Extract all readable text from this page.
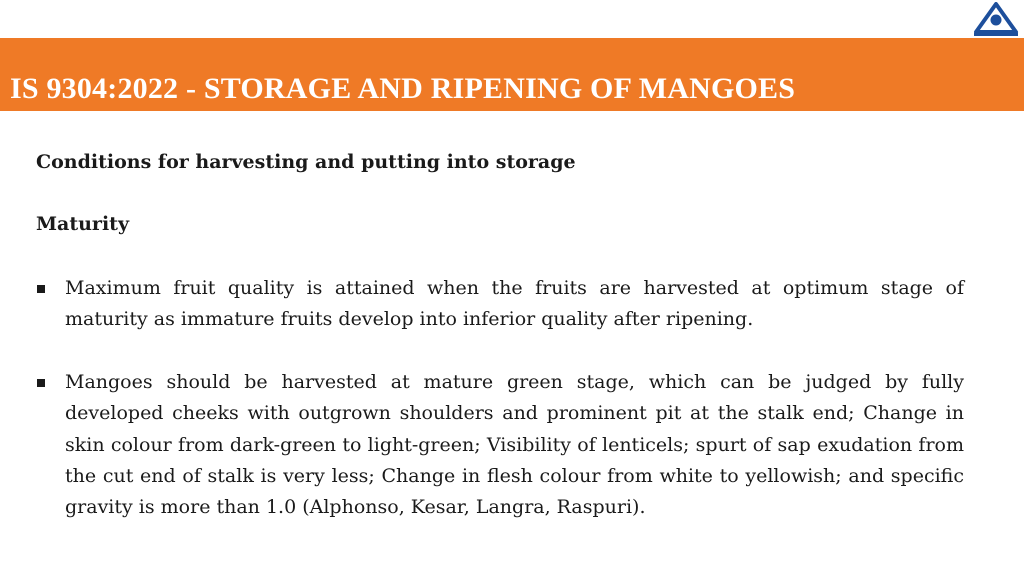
IS 9304:2022 - STORAGE AND RIPENING OF MANGOES
Conditions for harvesting and putting into storage
Maturity
Maximum fruit quality is attained when the fruits are harvested at optimum stage of maturity as immature fruits develop into inferior quality after ripening.
Mangoes should be harvested at mature green stage, which can be judged by fully developed cheeks with outgrown shoulders and prominent pit at the stalk end; Change in skin colour from dark-green to light-green; Visibility of lenticels; spurt of sap exudation from the cut end of stalk is very less; Change in flesh colour from white to yellowish; and specific gravity is more than 1.0 (Alphonso, Kesar, Langra, Raspuri).
